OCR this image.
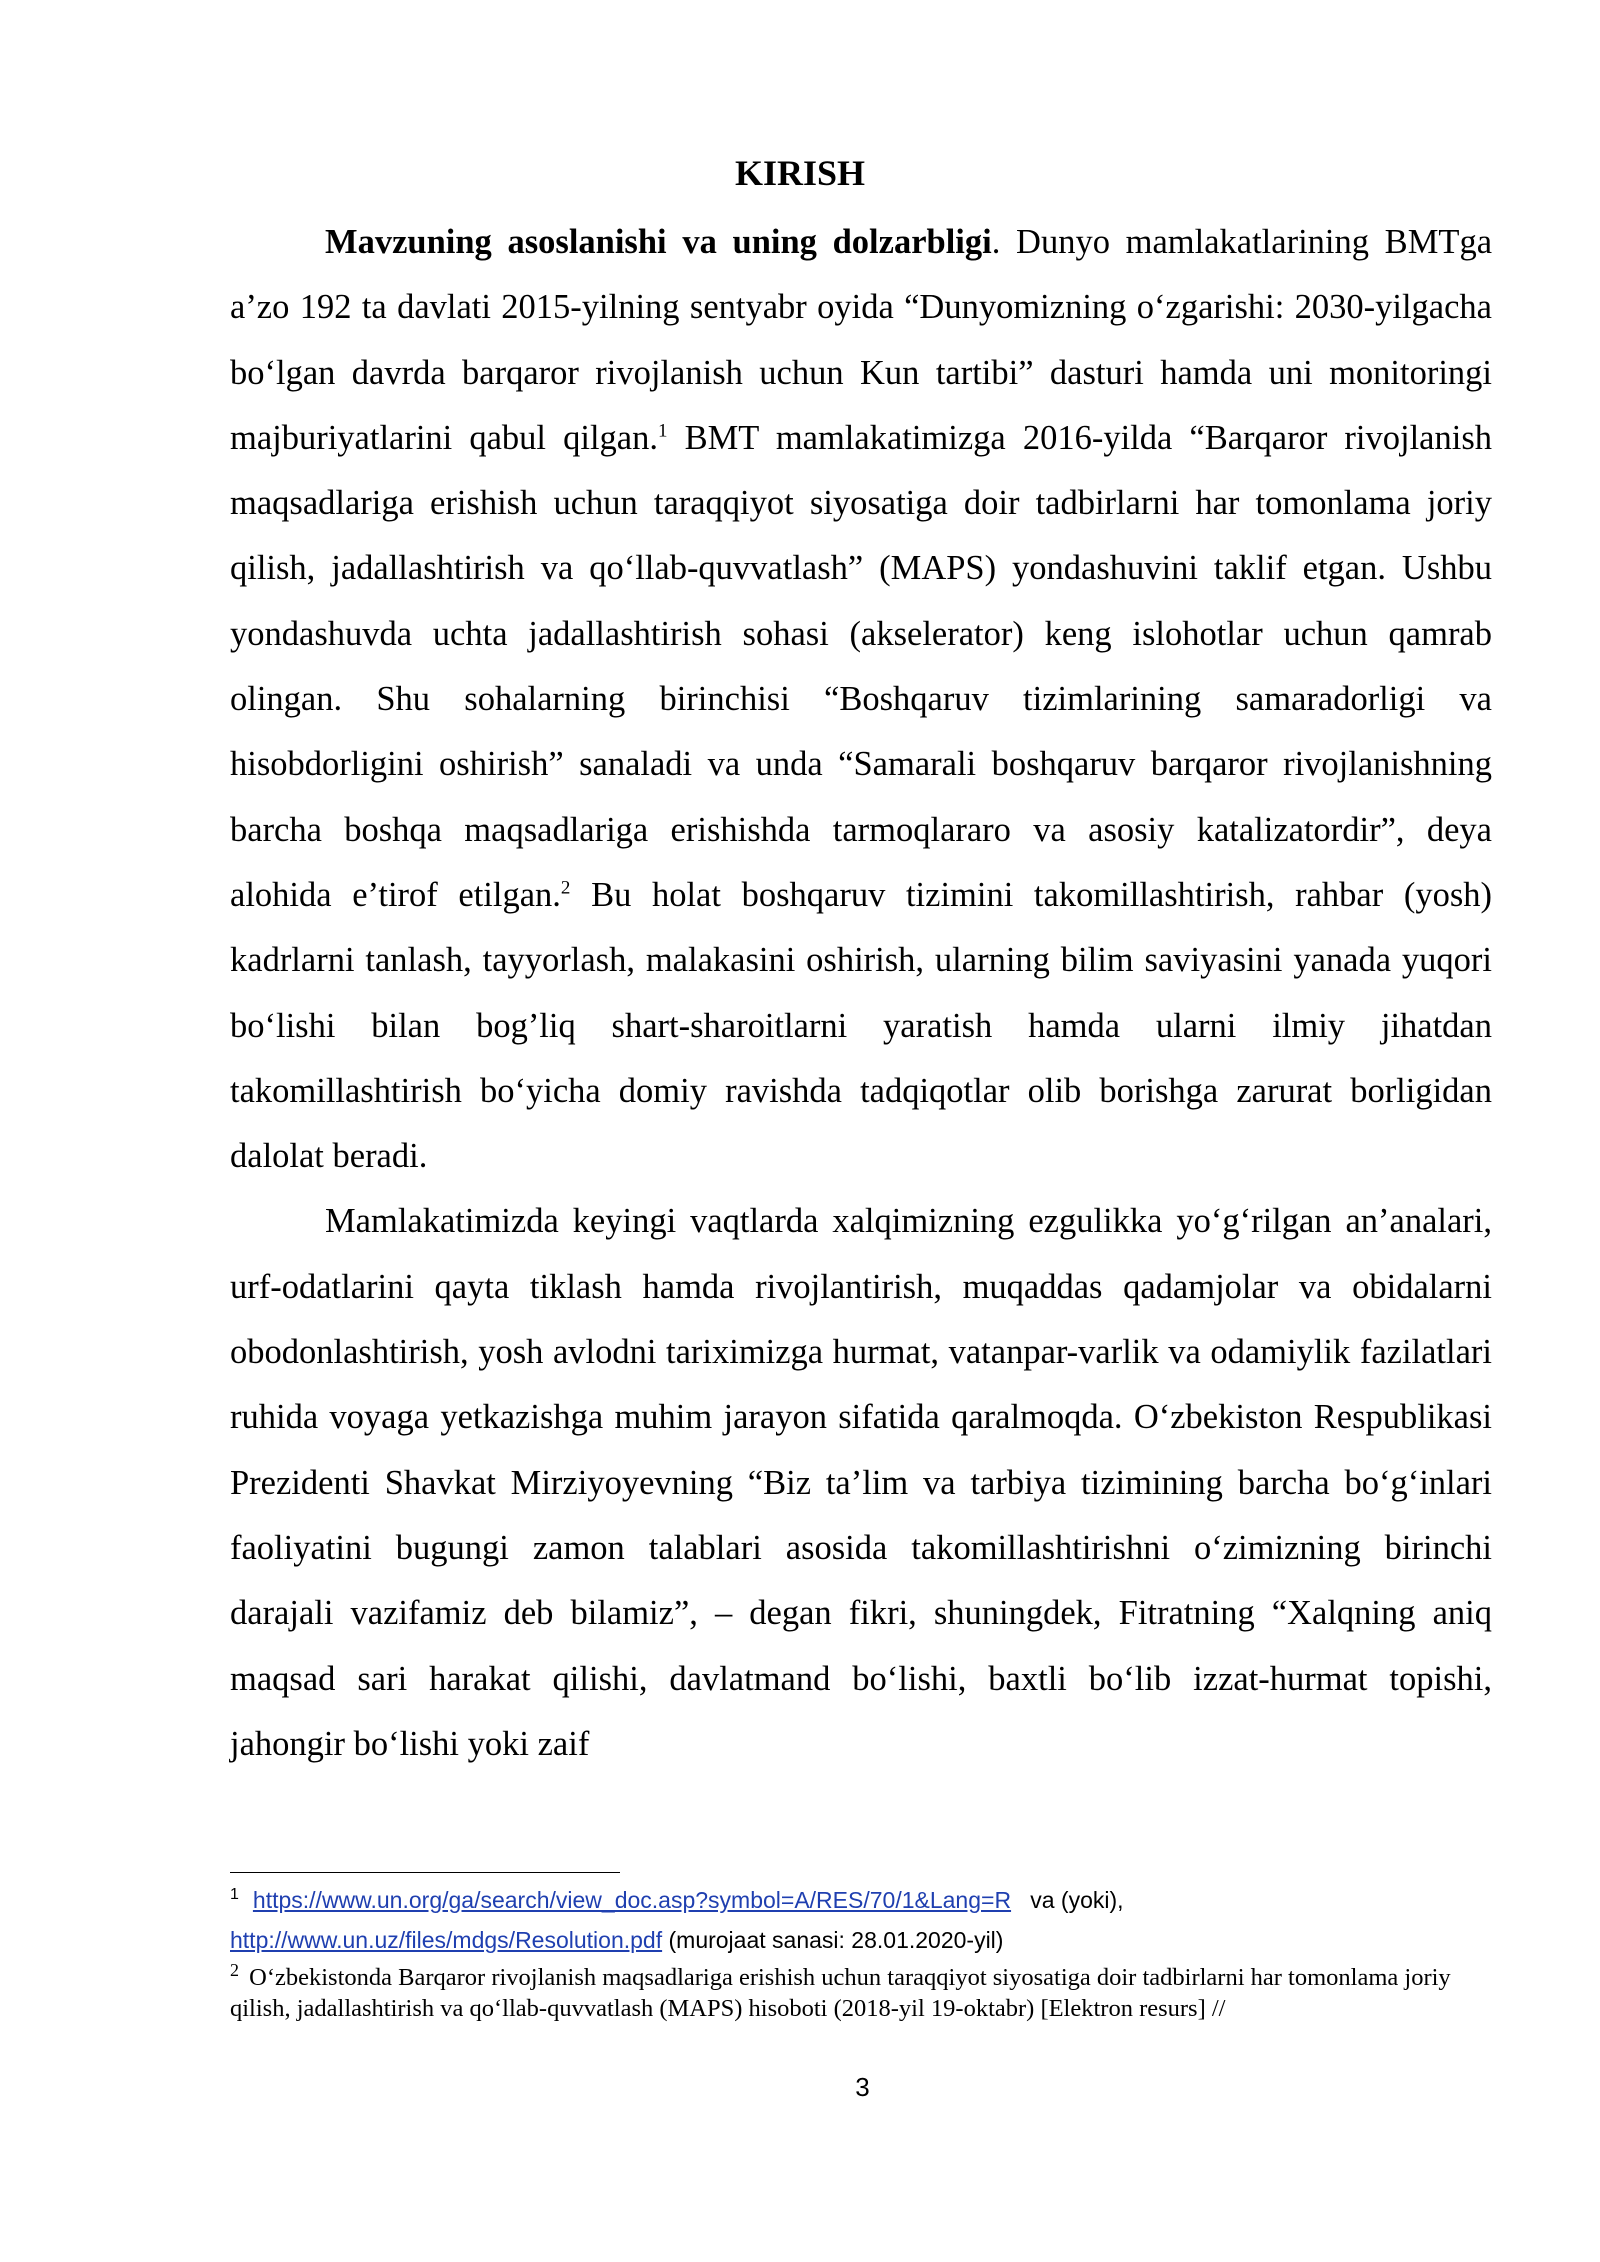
KIRISH

Mavzuning asoslanishi va uning dolzarbligi. Dunyo mamlakatlarining BMTga a’zo 192 ta davlati 2015-yilning sentyabr oyida “Dunyomizning o‘zgarishi: 2030-yilgacha bo‘lgan davrda barqaror rivojlanish uchun Kun tartibi” dasturi hamda uni monitoringi majburiyatlarini qabul qilgan.$^1$ BMT mamlakatimizga 2016-yilda “Barqaror rivojlanish maqsadlariga erishish uchun taraqqiyot siyosatiga doir tadbirlarni har tomonlama joriy qilish, jadallashtirish va qo‘llab-quvvatlash” (MAPS) yondashuvini taklif etgan. Ushbu yondashuvda uchta jadallashtirish sohasi (akselerator) keng islohotlar uchun qamrab olingan. Shu sohalarning birinchisi “Boshqaruv tizimlarining samaradorligi va hisobdorligini oshirish” sanaladi va unda “Samarali boshqaruv barqaror rivojlanishning barcha boshqa maqsadlariga erishishda tarmoqlararo va asosiy katalizatordir”, deya alohida e’tirof etilgan.$^2$ Bu holat boshqaruv tizimini takomillashtirish, rahbar (yosh) kadrlarni tanlash, tayyorlash, malakasini oshirish, ularning bilim saviyasini yanada yuqori bo‘lishi bilan bog’liq shart-sharoitlarni yaratish hamda ularni ilmiy jihatdan takomillashtirish bo‘yicha domiy ravishda tadqiqotlar olib borishga zarurat borligidan dalolat beradi.

Mamlakatimizda keyingi vaqtlarda xalqimizning ezgulikka yo‘g‘rilgan an’analari, urf-odatlarini qayta tiklash hamda rivojlantirish, muqaddas qadamjolar va obidalarni obodonlashtirish, yosh avlodni tariximizga hurmat, vatanpar-varlik va odamiylik fazilatlari ruhida voyaga yetkazishga muhim jarayon sifatida qaralmoqda. O‘zbekiston Respublikasi Prezidenti Shavkat Mirziyoyevning “Biz ta’lim va tarbiya tizimining barcha bo‘g‘inlari faoliyatini bugungi zamon talablari asosida takomillashtirishni o‘zimizning birinchi darajali vazifamiz deb bilamiz”, – degan fikri, shuningdek, Fitratning “Xalqning aniq maqsad sari harakat qilishi, davlatmand bo‘lishi, baxtli bo‘lib izzat-hurmat topishi, jahongir bo‘lishi yoki zaif

$^1$ https://www.un.org/ga/search/view_doc.asp?symbol=A/RES/70/1&Lang=R va (yoki),
http://www.un.uz/files/mdgs/Resolution.pdf (murojaat sanasi: 28.01.2020-yil)
$^2$ O‘zbekistonda Barqaror rivojlanish maqsadlariga erishish uchun taraqqiyot siyosatiga doir tadbirlarni har tomonlama joriy qilish, jadallashtirish va qo‘llab-quvvatlash (MAPS) hisoboti (2018-yil 19-oktabr) [Elektron resurs] //
3
